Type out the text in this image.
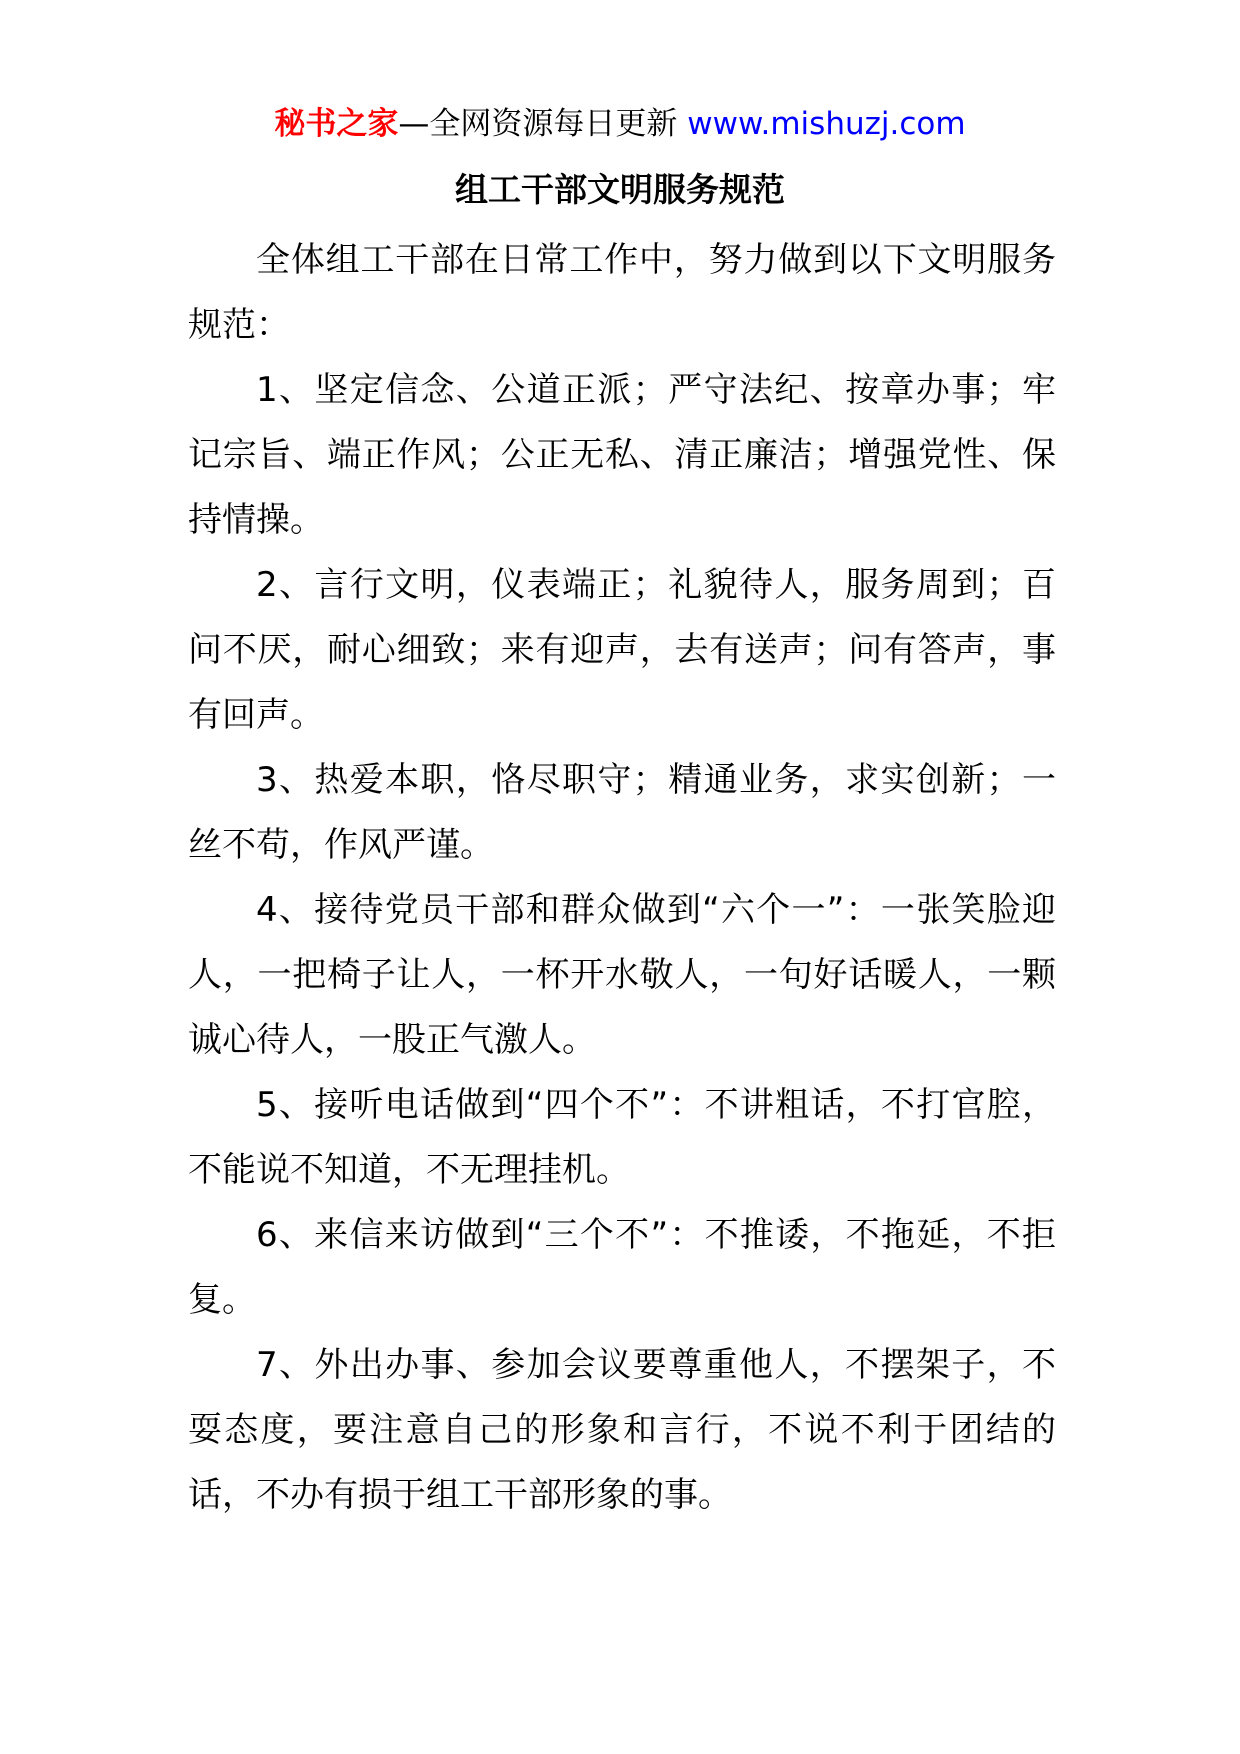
秘书之家—全网资源每日更新 www.mishuzj.com
组工干部文明服务规范

全体组工干部在日常工作中，努力做到以下文明服务规范：

1、坚定信念、公道正派；严守法纪、按章办事；牢记宗旨、端正作风；公正无私、清正廉洁；增强党性、保持情操。

2、言行文明，仪表端正；礼貌待人，服务周到；百问不厌，耐心细致；来有迎声，去有送声；问有答声，事有回声。

3、热爱本职，恪尽职守；精通业务，求实创新；一丝不苟，作风严谨。

4、接待党员干部和群众做到“六个一”：一张笑脸迎人，一把椅子让人，一杯开水敬人，一句好话暖人，一颗诚心待人，一股正气激人。

5、接听电话做到“四个不”：不讲粗话，不打官腔，不能说不知道，不无理挂机。

6、来信来访做到“三个不”：不推诿，不拖延，不拒复。

7、外出办事、参加会议要尊重他人，不摆架子，不耍态度，要注意自己的形象和言行，不说不利于团结的话，不办有损于组工干部形象的事。
